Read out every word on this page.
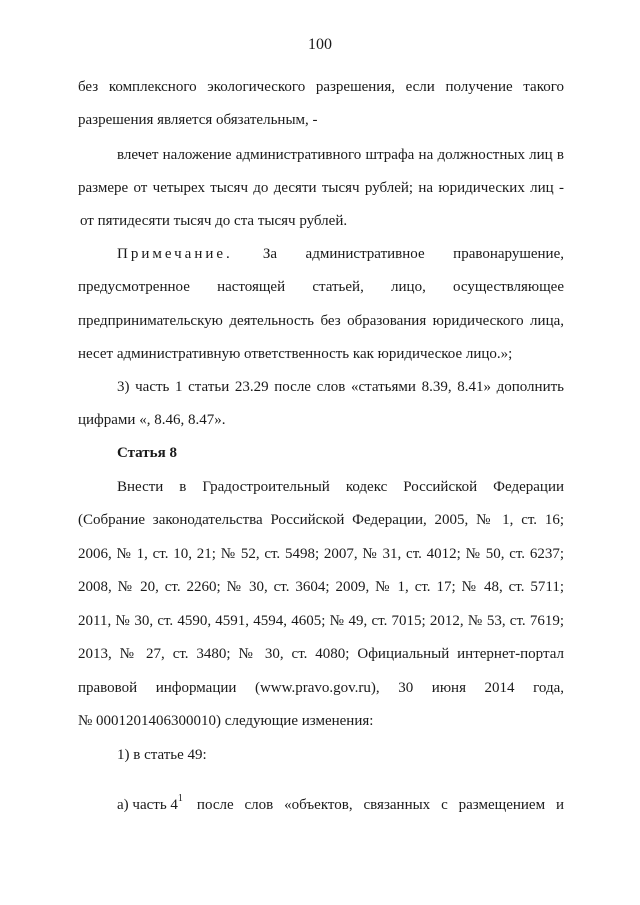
100
без комплексного экологического разрешения, если получение такого
разрешения является обязательным, -
влечет наложение административного штрафа на должностных лиц в
размере от четырех тысяч до десяти тысяч рублей; на юридических лиц -
от пятидесяти тысяч до ста тысяч рублей.
Примечание. За административное правонарушение,
предусмотренное настоящей статьей, лицо, осуществляющее
предпринимательскую деятельность без образования юридического лица,
несет административную ответственность как юридическое лицо.»;
3) часть 1 статьи 23.29 после слов «статьями 8.39, 8.41» дополнить
цифрами «, 8.46, 8.47».
Статья 8
Внести в Градостроительный кодекс Российской Федерации
(Собрание законодательства Российской Федерации, 2005, № 1, ст. 16;
2006, № 1, ст. 10, 21; № 52, ст. 5498; 2007, № 31, ст. 4012; № 50, ст. 6237;
2008, № 20, ст. 2260; № 30, ст. 3604; 2009, № 1, ст. 17; № 48, ст. 5711;
2011, № 30, ст. 4590, 4591, 4594, 4605; № 49, ст. 7015; 2012, № 53, ст. 7619;
2013, № 27, ст. 3480; № 30, ст. 4080; Официальный интернет-портал
правовой информации (www.pravo.gov.ru), 30 июня 2014 года,
№ 0001201406300010) следующие изменения:
1) в статье 49:
а) часть $4^1$ после слов «объектов, связанных с размещением и
